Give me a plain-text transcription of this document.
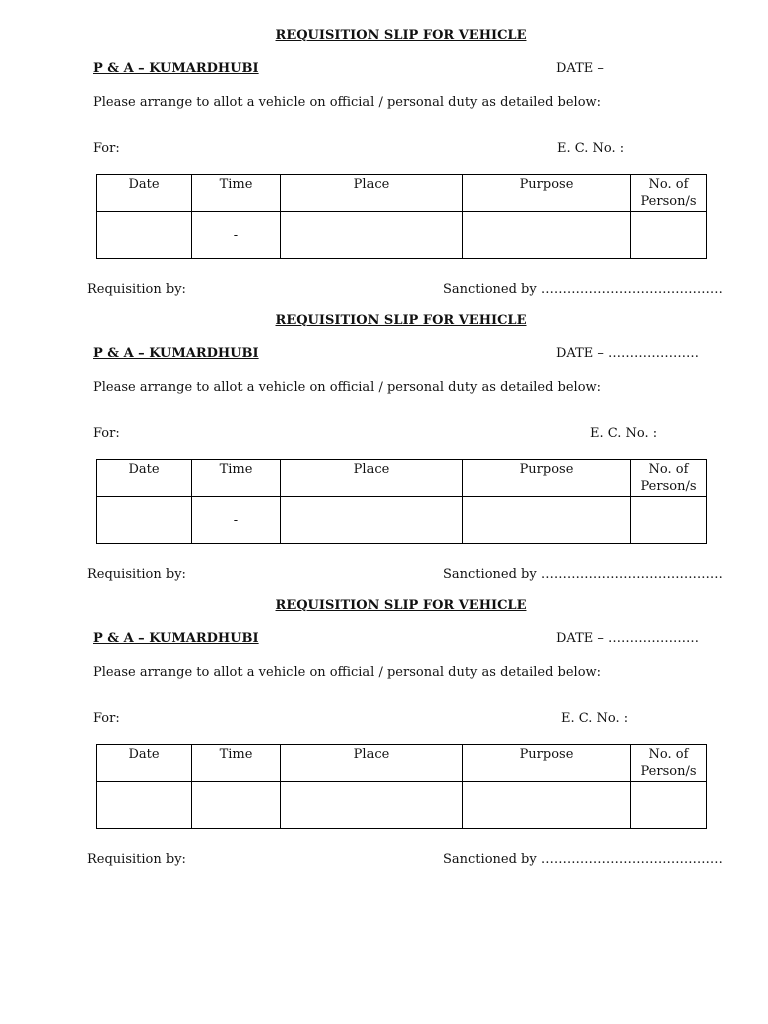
REQUISITION SLIP FOR VEHICLE
P & A – KUMARDHUBI	DATE –
Please arrange to allot a vehicle on official / personal duty as detailed below:
For:	E. C. No. :
Date	Time	Place	Purpose	No. of Person/s
	-			
Requisition by:	Sanctioned by ……………………………………
REQUISITION SLIP FOR VEHICLE
P & A – KUMARDHUBI	DATE – …………………
Please arrange to allot a vehicle on official / personal duty as detailed below:
For:	E. C. No. :
Date	Time	Place	Purpose	No. of Person/s
	-			
Requisition by:	Sanctioned by ……………………………………
REQUISITION SLIP FOR VEHICLE
P & A – KUMARDHUBI	DATE – …………………
Please arrange to allot a vehicle on official / personal duty as detailed below:
For:	E. C. No. :
Date	Time	Place	Purpose	No. of Person/s

Requisition by:	Sanctioned by ……………………………………
